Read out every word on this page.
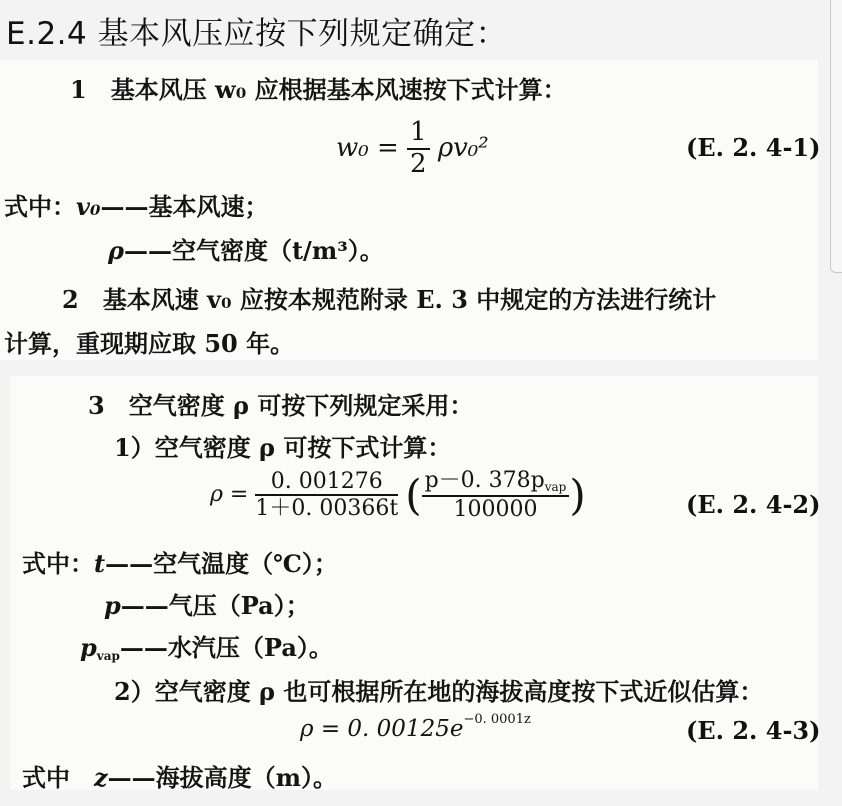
E.2.4 基本风压应按下列规定确定：
1　基本风压 w₀ 应根据基本风速按下式计算：
$w_0 = \frac{1}{2} \rho v_0^2$	(E. 2. 4-1)
式中：v₀——基本风速；
ρ——空气密度（t/m³）。
2　基本风速 v₀ 应按本规范附录 E. 3 中规定的方法进行统计
计算，重现期应取 50 年。
3　空气密度 ρ 可按下列规定采用：
1）空气密度 ρ 可按下式计算：
$\rho = \frac{0. 001276}{1+0. 00366t}$ ( $\frac{p-0. 378p_{vap}}{100000}$ )	(E. 2. 4-2)
式中：t——空气温度（℃）；
p——气压（Pa）；
$p_{vap}——$水汽压（Pa）。
2）空气密度 ρ 也可根据所在地的海拔高度按下式近似估算：
ρ = 0. $00125e^{-0. 0001z}$	(E. 2. 4-3)
式中　z——海拔高度（m）。
